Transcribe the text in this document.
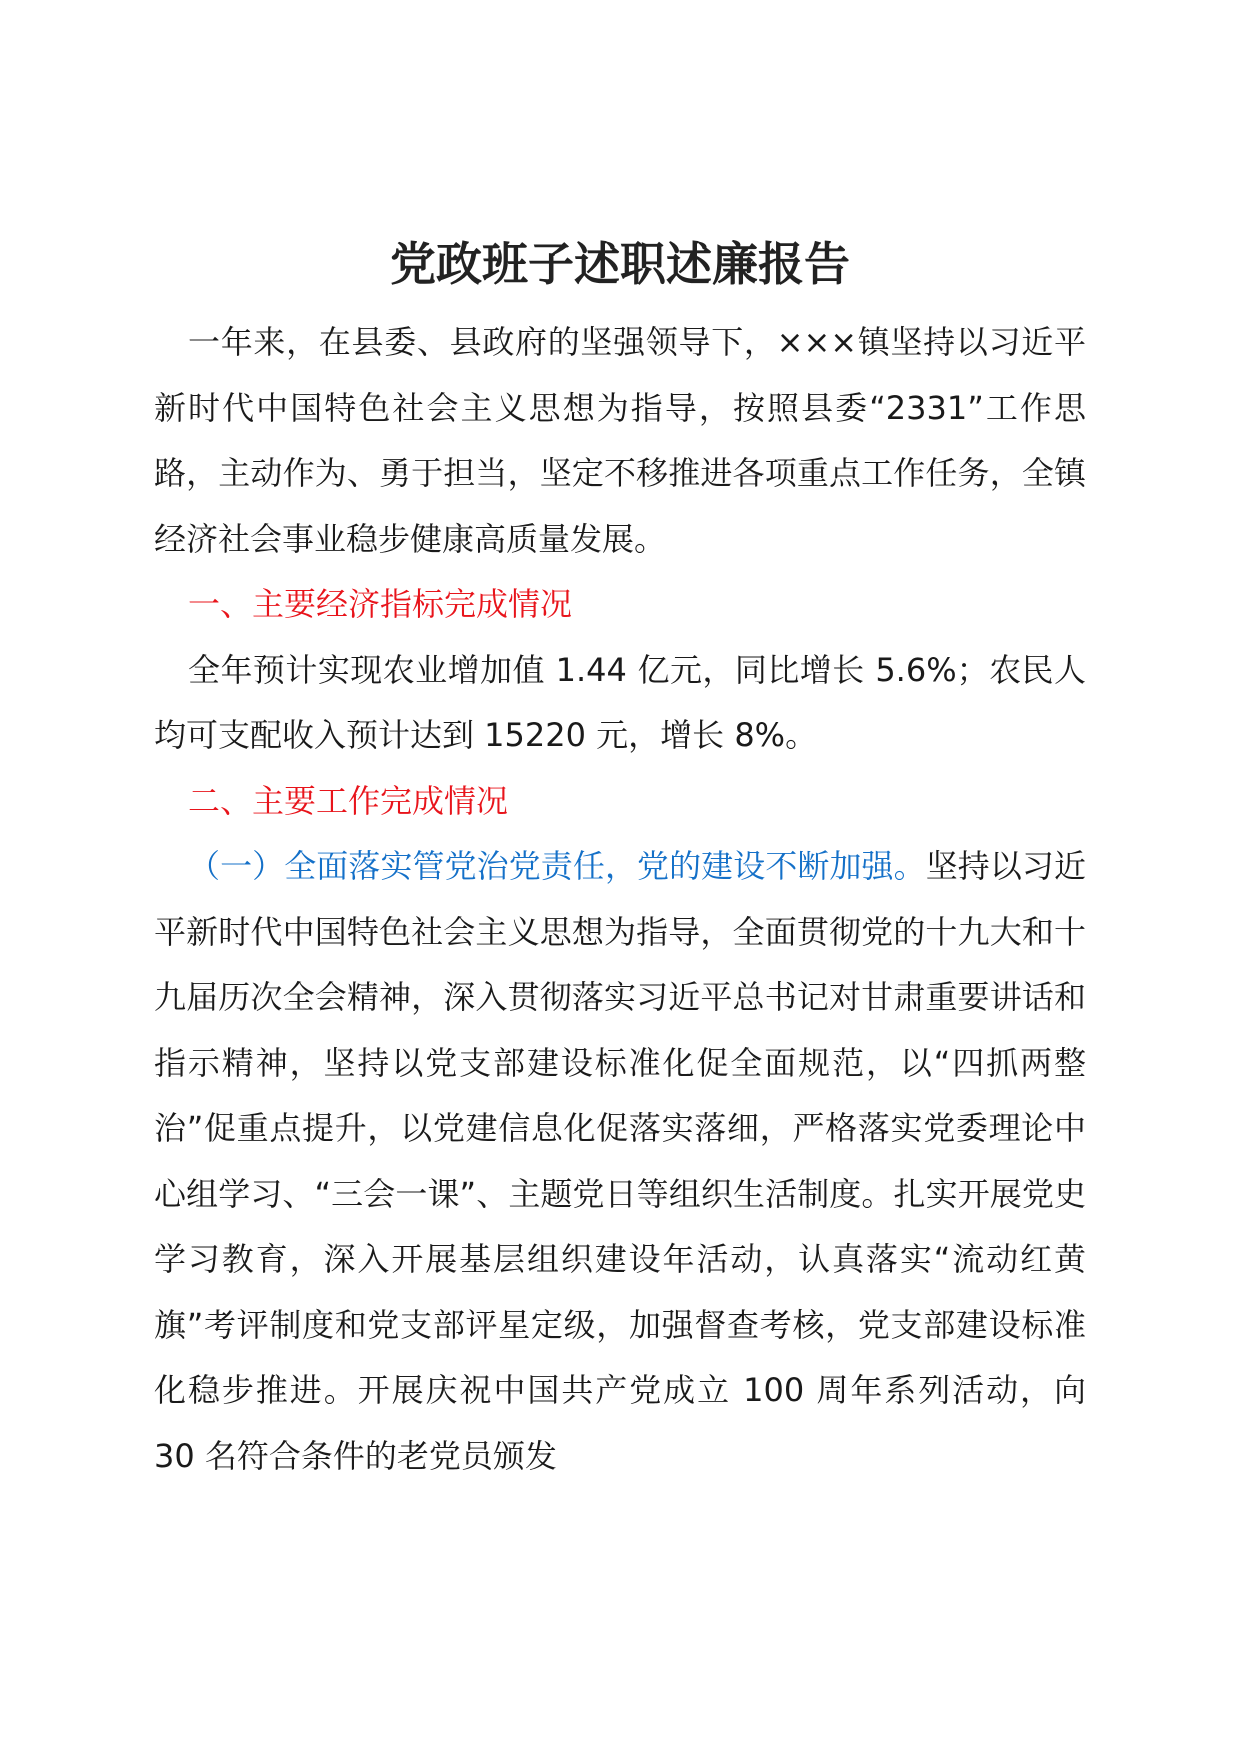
党政班子述职述廉报告

一年来，在县委、县政府的坚强领导下，×××镇坚持以习近平新时代中国特色社会主义思想为指导，按照县委“2331”工作思路，主动作为、勇于担当，坚定不移推进各项重点工作任务，全镇经济社会事业稳步健康高质量发展。

一、主要经济指标完成情况

全年预计实现农业增加值 1.44 亿元，同比增长 5.6%；农民人均可支配收入预计达到 15220 元，增长 8%。

二、主要工作完成情况

（一）全面落实管党治党责任，党的建设不断加强。坚持以习近平新时代中国特色社会主义思想为指导，全面贯彻党的十九大和十九届历次全会精神，深入贯彻落实习近平总书记对甘肃重要讲话和指示精神，坚持以党支部建设标准化促全面规范，以“四抓两整治”促重点提升，以党建信息化促落实落细，严格落实党委理论中心组学习、“三会一课”、主题党日等组织生活制度。扎实开展党史学习教育，深入开展基层组织建设年活动，认真落实“流动红黄旗”考评制度和党支部评星定级，加强督查考核，党支部建设标准化稳步推进。开展庆祝中国共产党成立 100 周年系列活动，向 30 名符合条件的老党员颁发
